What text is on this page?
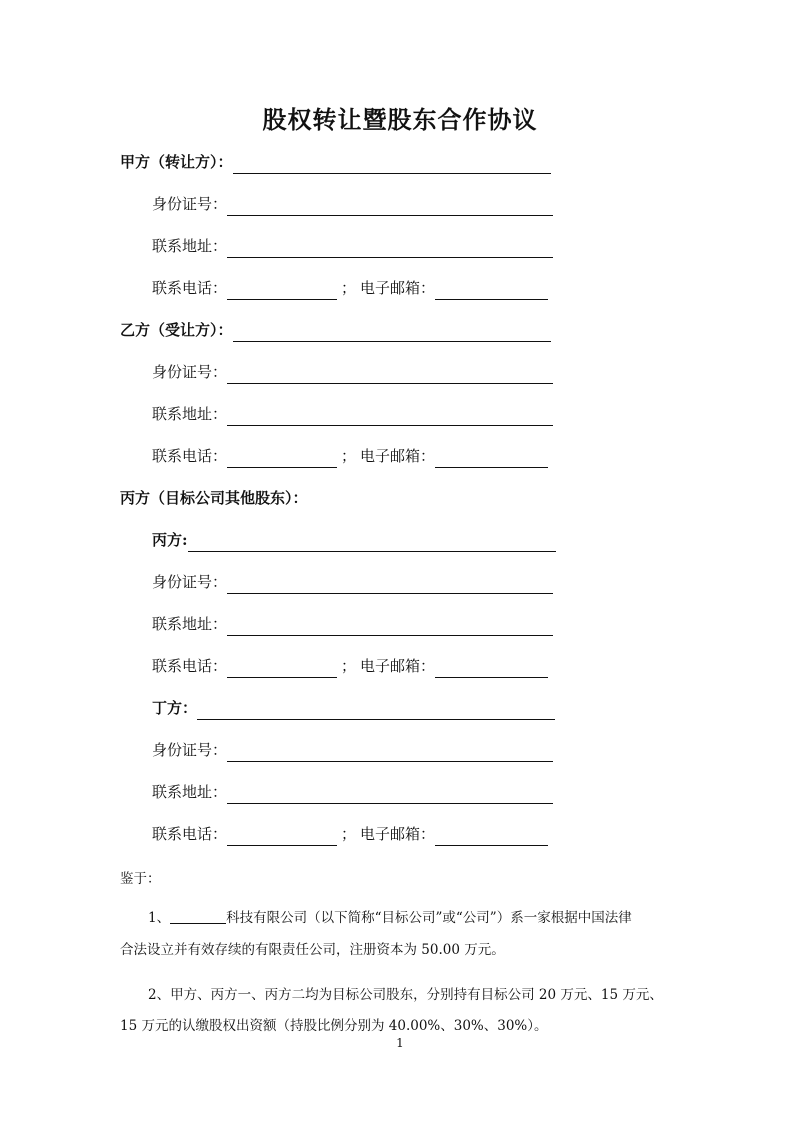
股权转让暨股东合作协议
甲方（转让方）：
身份证号：
联系地址：
联系电话：	； 电子邮箱：
乙方（受让方）：
身份证号：
联系地址：
联系电话：	； 电子邮箱：
丙方（目标公司其他股东）：
丙方:
身份证号：
联系地址：
联系电话：	； 电子邮箱：
丁方：
身份证号：
联系地址：
联系电话：	； 电子邮箱：
鉴于：
1、	科技有限公司（以下简称“目标公司”或“公司”）系一家根据中国法律
合法设立并有效存续的有限责任公司，注册资本为 50.00 万元。
2、甲方、丙方一、丙方二均为目标公司股东，分别持有目标公司 20 万元、15 万元、
15 万元的认缴股权出资额（持股比例分别为 40.00%、30%、30%）。
1
